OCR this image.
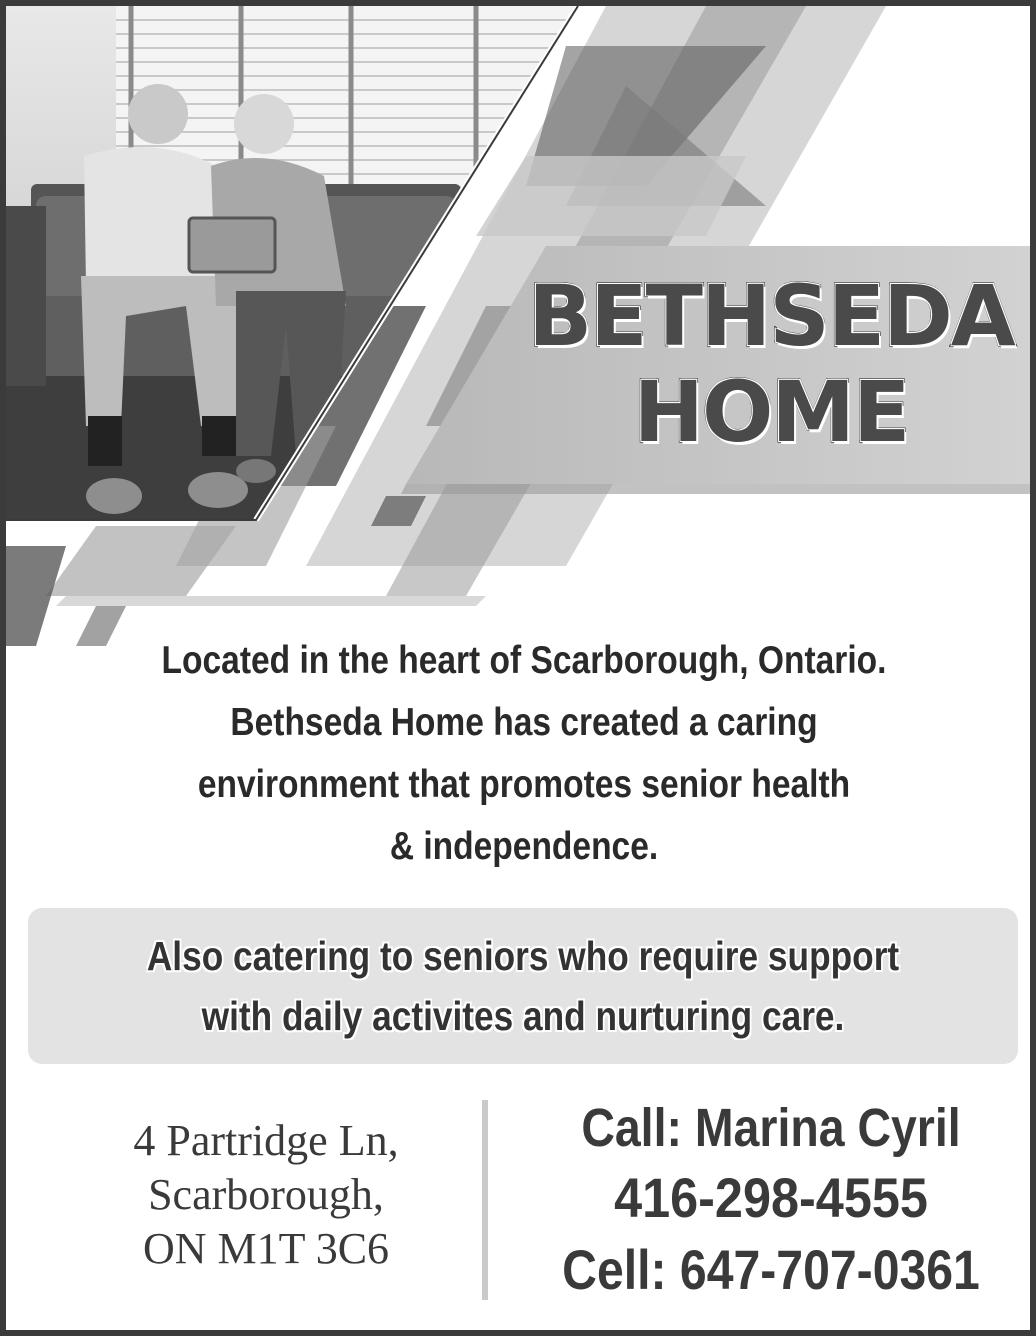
BETHSEDA
HOME
Located in the heart of Scarborough, Ontario.
Bethseda Home has created a caring
environment that promotes senior health
& independence.
Also catering to seniors who require support
with daily activites and nurturing care.
4 Partridge Ln,
Scarborough,
ON M1T 3C6
Call: Marina Cyril
416-298-4555
Cell: 647-707-0361
